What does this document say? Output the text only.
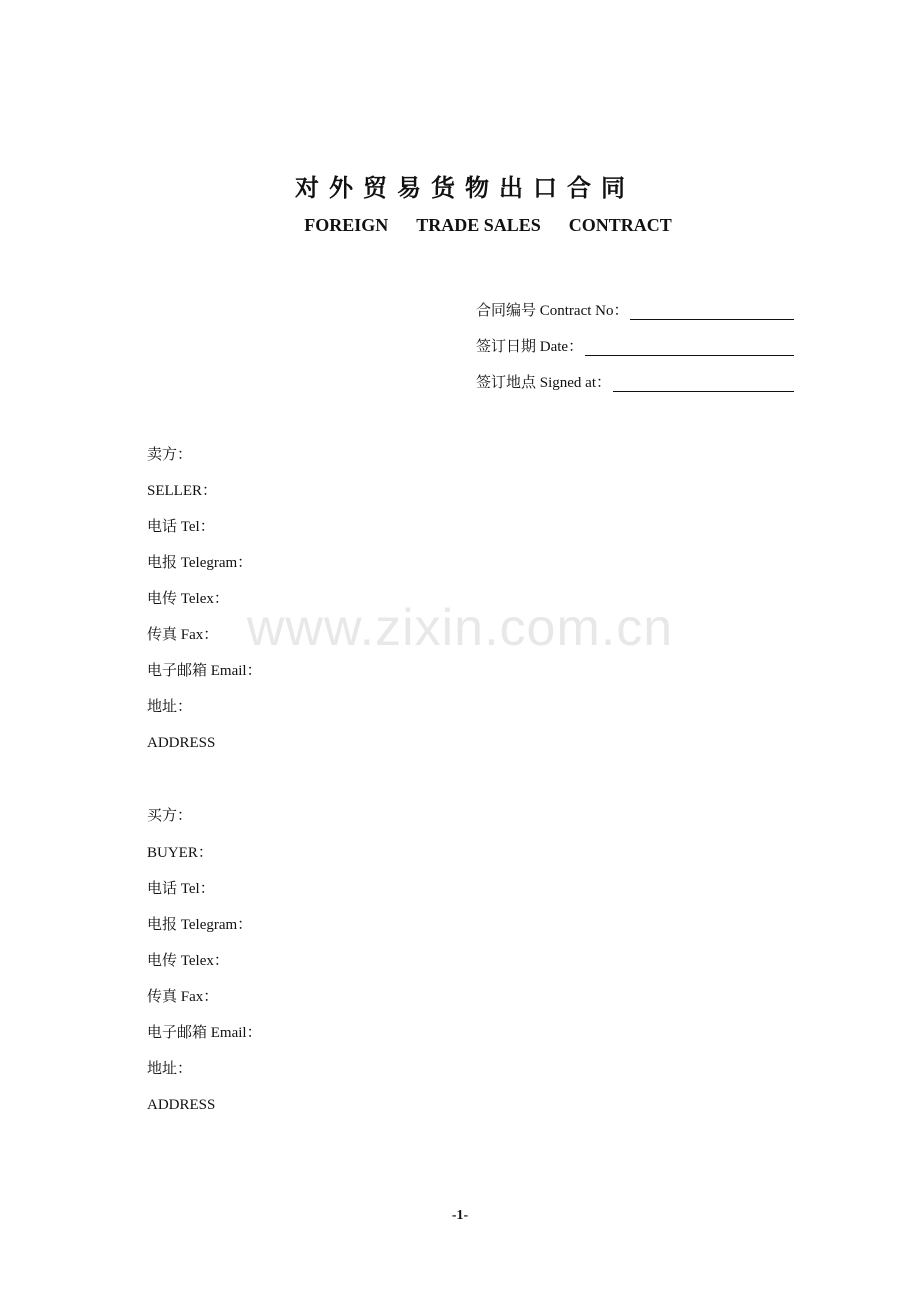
对 外 贸 易 货 物 出 口 合 同
FOREIGN TRADE SALES CONTRACT
合同编号 Contract No：
签订日期 Date：
签订地点 Signed at：
卖方：
SELLER：
电话 Tel：
电报 Telegram：
电传 Telex：
传真 Fax：
电子邮箱 Email：
地址：
ADDRESS
买方：
BUYER：
电话 Tel：
电报 Telegram：
电传 Telex：
传真 Fax：
电子邮箱 Email：
地址：
ADDRESS
www.zixin.com.cn
-1-
